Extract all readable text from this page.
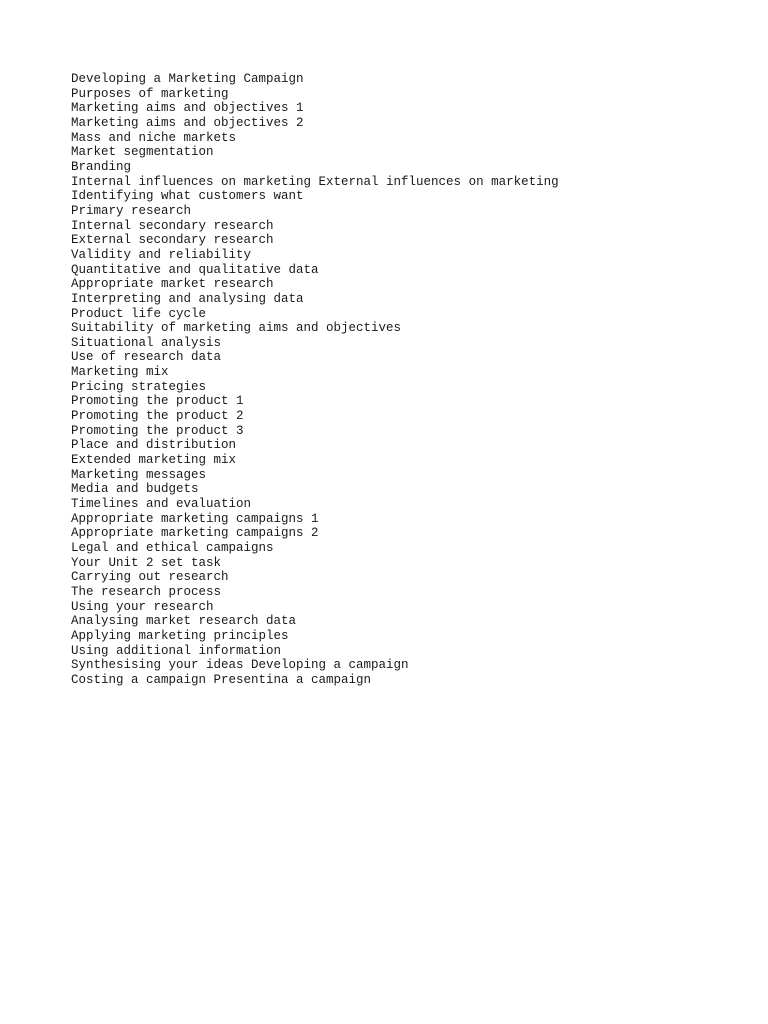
Developing a Marketing Campaign
Purposes of marketing
Marketing aims and objectives 1
Marketing aims and objectives 2
Mass and niche markets
Market segmentation
Branding
Internal influences on marketing External influences on marketing
Identifying what customers want
Primary research
Internal secondary research
External secondary research
Validity and reliability
Quantitative and qualitative data
Appropriate market research
Interpreting and analysing data
Product life cycle
Suitability of marketing aims and objectives
Situational analysis
Use of research data
Marketing mix
Pricing strategies
Promoting the product 1
Promoting the product 2
Promoting the product 3
Place and distribution
Extended marketing mix
Marketing messages
Media and budgets
Timelines and evaluation
Appropriate marketing campaigns 1
Appropriate marketing campaigns 2
Legal and ethical campaigns
Your Unit 2 set task
Carrying out research
The research process
Using your research
Analysing market research data
Applying marketing principles
Using additional information
Synthesising your ideas Developing a campaign
Costing a campaign Presentina a campaign
